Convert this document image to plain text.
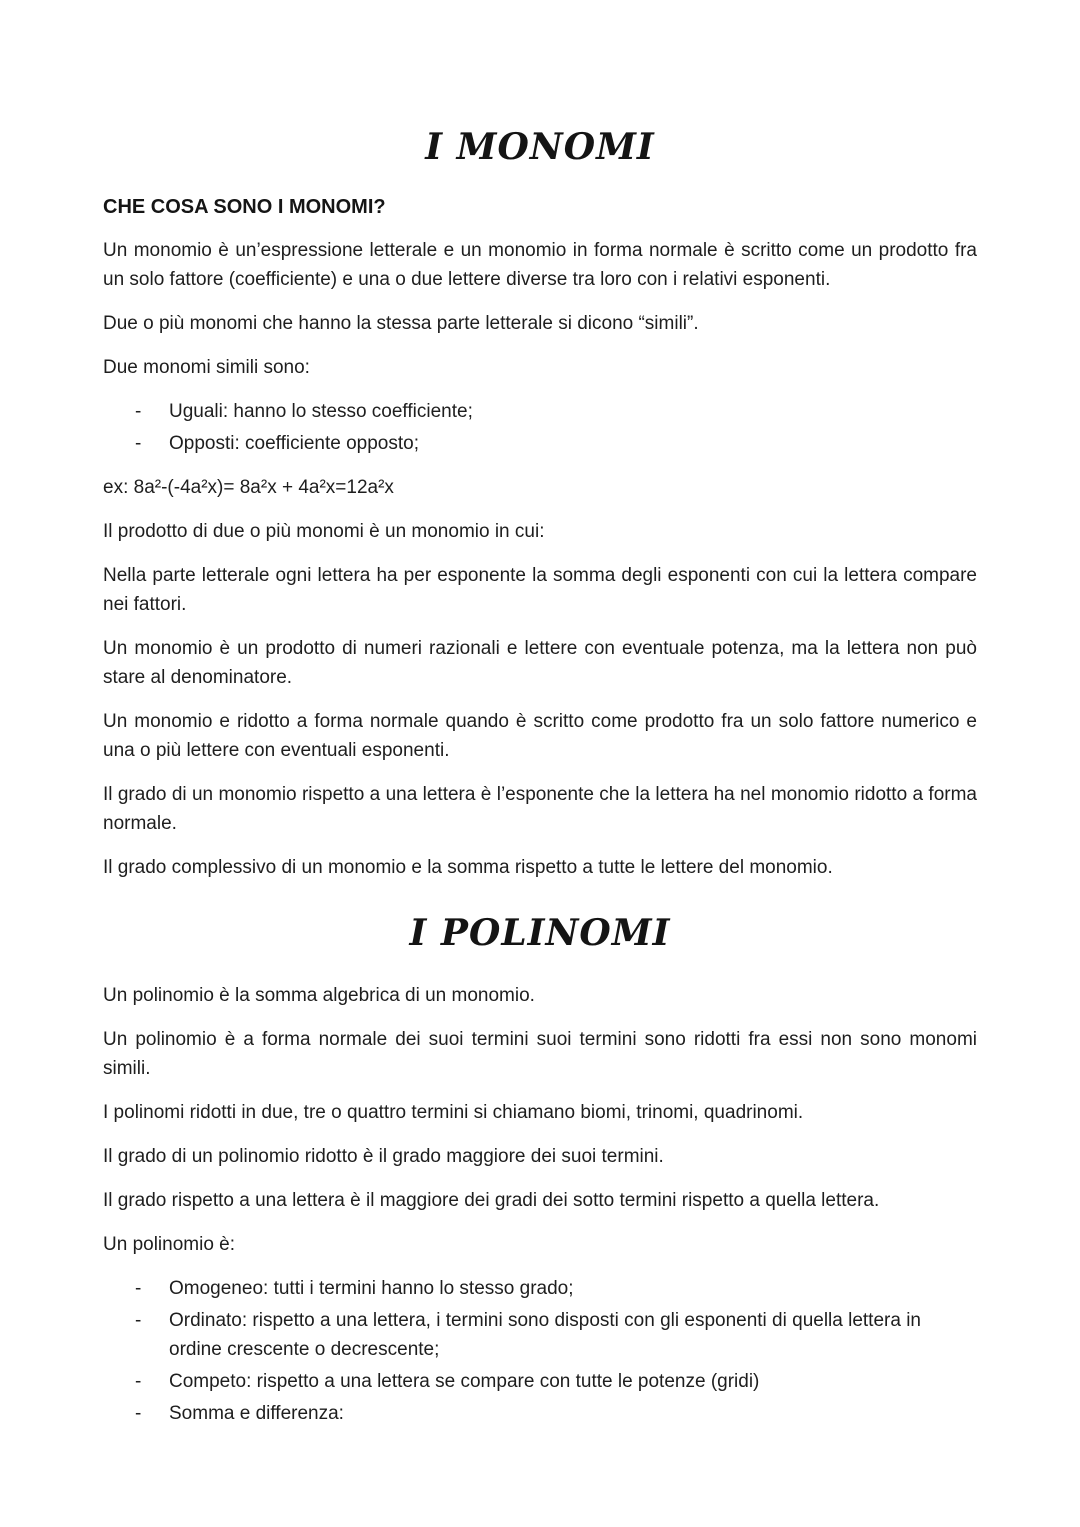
I MONOMI
CHE COSA SONO I MONOMI?

Un monomio è un’espressione letterale e un monomio in forma normale è scritto come un prodotto fra un solo fattore (coefficiente) e una o due lettere diverse tra loro con i relativi esponenti.

Due o più monomi che hanno la stessa parte letterale si dicono “simili”.

Due monomi simili sono:

-	Uguali: hanno lo stesso coefficiente;
-	Opposti: coefficiente opposto;

ex: 8a²-(-4a²x)= 8a²x + 4a²x=12a²x

Il prodotto di due o più monomi è un monomio in cui:

Nella parte letterale ogni lettera ha per esponente la somma degli esponenti con cui la lettera compare nei fattori.

Un monomio è un prodotto di numeri razionali e lettere con eventuale potenza, ma la lettera non può stare al denominatore.

Un monomio e ridotto a forma normale quando è scritto come prodotto fra un solo fattore numerico e una o più lettere con eventuali esponenti.

Il grado di un monomio rispetto a una lettera è l’esponente che la lettera ha nel monomio ridotto a forma normale.

Il grado complessivo di un monomio e la somma rispetto a tutte le lettere del monomio.

I POLINOMI

Un polinomio è la somma algebrica di un monomio.

Un polinomio è a forma normale dei suoi termini suoi termini sono ridotti fra essi non sono monomi simili.

I polinomi ridotti in due, tre o quattro termini si chiamano biomi, trinomi, quadrinomi.

Il grado di un polinomio ridotto è il grado maggiore dei suoi termini.

Il grado rispetto a una lettera è il maggiore dei gradi dei sotto termini rispetto a quella lettera.

Un polinomio è:

-	Omogeneo: tutti i termini hanno lo stesso grado;
-	Ordinato: rispetto a una lettera, i termini sono disposti con gli esponenti di quella lettera in ordine crescente o decrescente;
-	Competo: rispetto a una lettera se compare con tutte le potenze (gridi)
-	Somma e differenza:
